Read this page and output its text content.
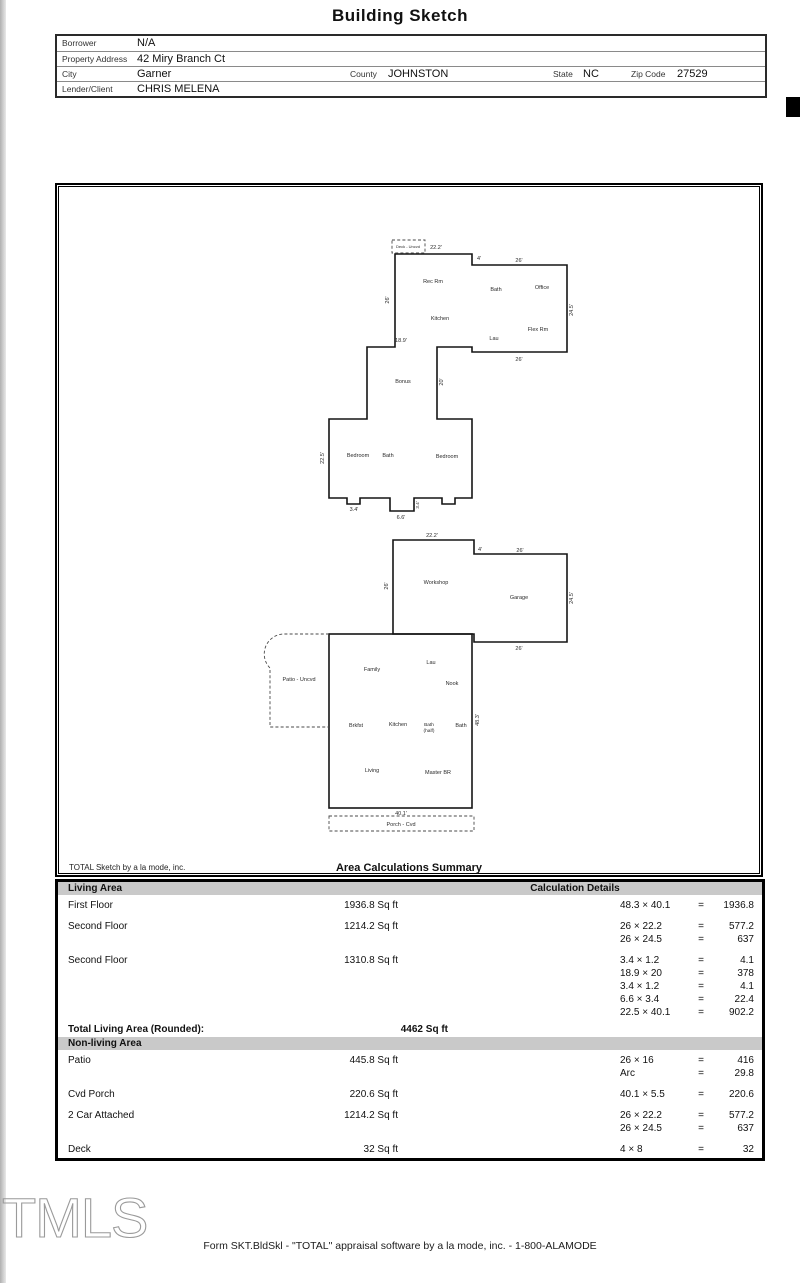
Building Sketch
Borrower	N/A
Property Address 42 Miry Branch Ct
City	Garner	County	JOHNSTON	State NC	Zip Code	27529
Lender/Client	CHRIS MELENA
Deck - Uncvd 22.2'
4'	26'
Rec Rm
Bath	Office
26'
24.5'
Kitchen
Flex Rm
Lau
18.9'
26'
Bonus	20'
22.5'	Bedroom Bath	Bedroom
3.4'
3.4'
6.6'
22.2'
4'	26'
26'	Workshop
Garage	24.5'
26'
Patio - Uncvd
Family
Lau
Nook
Brkfst	Kitchen	Bath
(half)
Bath
48.3'
Living	Master BR
40.1'
Porch - Cvd
TOTAL Sketch by a la mode, inc.	Area Calculations Summary
Living Area	Calculation Details
First Floor	1936.8 Sq ft	48.3 × 40.1	=	1936.8
Second Floor	1214.2 Sq ft	26 × 22.2	=	577.2
26 × 24.5	=	637
Second Floor	1310.8 Sq ft	3.4 × 1.2	=	4.1
18.9 × 20	=	378
3.4 × 1.2	=	4.1
6.6 × 3.4	=	22.4
22.5 × 40.1	=	902.2
Total Living Area (Rounded):	4462 Sq ft
Non-living Area
Patio	445.8 Sq ft	26 × 16	=	416
Arc	=	29.8
Cvd Porch	220.6 Sq ft	40.1 × 5.5	=	220.6
2 Car Attached	1214.2 Sq ft	26 × 22.2	=	577.2
26 × 24.5	=	637
Deck	32 Sq ft	4 × 8	=	32
TMLS	Form SKT.BldSkl - "TOTAL" appraisal software by a la mode, inc. - 1-800-ALAMODE
